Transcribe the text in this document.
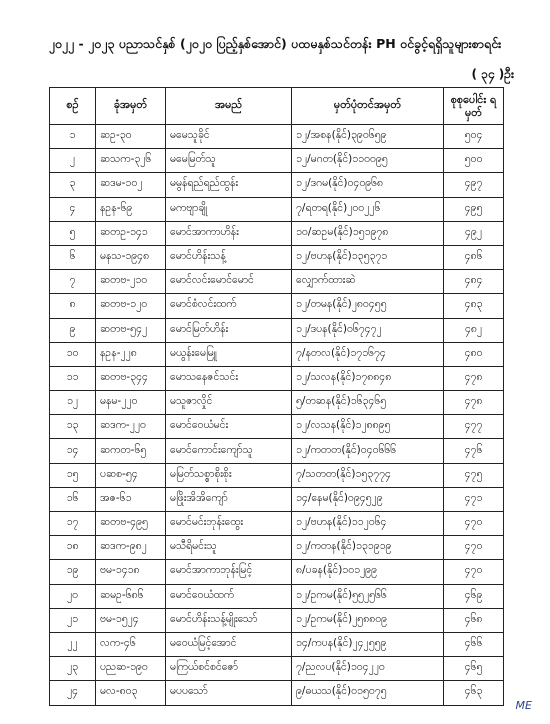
၂၀၂၂ - ၂၀၂၃ ပညာသင်နှစ် (၂၀၂၀ ပြည့်နှစ်အောင်) ပထမနှစ်သင်တန်း PH ဝင်ခွင့်ရရှိသူများစာရင်း
( ၃၄ )ဦး
စဉ်	ခုံအမှတ်	အမည်	မှတ်ပုံတင်အမှတ်	စုစုပေါင်း ရမှတ်
၁	ဆဥ-၃၀	မမေသူခိုင်	၁၂/အစန(နိုင်)၃၉၀၆၅၉	၅၀၄
၂	ဆသက-၃၂၆	မမေမြတ်သူ	၁၂/မဂတ(နိုင်)၁၁၀၀၉၅	၅၀၀
၃	ဆဒမ-၁၀၂	မမွန်ရည်ရည်ထွန်း	၁၂/ဒဂမ(နိုင်)၀၄၀၉၆၈	၄၉၇
၄	နဥန-၆၉	မကဗျာချို	၇/ရတရ(နိုင်)၂၀၀၂၂၆	၄၉၅
၅	ဆတဥ-၁၄၁	မောင်အာကာဟိန်း	၁၀/ဆဥမ(နိုင်)၁၅၁၉၇၈	၄၉၂
၆	မနသ-၁၉၄၈	မောင်ဟိန်းသန့်	၁၂/ဗဟန(နိုင်)၁၃၅၃၇၁	၄၈၆
၇	ဆတဗ-၂၁၀	မောင်လင်းမောင်မောင်	လျှောက်ထားဆဲ	၄၈၄
၈	ဆတဗ-၁၂၀	မောင်စံလင်းထက်	၁၂/တမန(နိုင်)၂၈၀၄၅၅	၄၈၃
၉	ဆတဗ-၅၄၂	မောင်မြတ်ဟိန်း	၁၂/ဒပန(နိုင်)၀၆၇၄၇၂	၄၈၂
၁၀	နဥန-၂၂၈	မယွန်းမေမြူ	၇/နတလ(နိုင်)၁၇၁၆၇၄	၄၈၀
၁၁	ဆတဗ-၃၄၄	မောသနေဇင်သင်း	၁၂/သလန(နိုင်)၁၇၈၈၄၈	၄၇၈
၁၂	မနမ-၂၂၀	မသူဇာလှိုင်	၅/တဆန(နိုင်)၁၆၃၄၆၅	၄၇၈
၁၃	ဆဒက-၂၂၀	မောင်ဝေယံမင်း	၁၂/လသန(နိုင်)၁၂၈၈၉၅	၄၇၇
၁၄	ဆကတ-၆၅	မောင်ကောင်းကျော်သူ	၁၂/ကတတ(နိုင်)၀၄၀၆၆၆	၄၇၆
၁၅	ပဆစ-၅၄	မမြတ်သစ္စာစိုးစိုး	၇/သတတ(နိုင်)၁၅၃၇၇၄	၄၇၅
၁၆	အဇ-၆၁	မဖြိုးအိအိကျော်	၁၄/နေမ(နိုင်)၀၉၄၅၂၉	၄၇၁
၁၇	ဆတဗ-၄၉၅	မောင်မင်းဘုန်းထွေး	၁၂/ဗဟန(နိုင်)၁၁၂၀၆၄	၄၇၀
၁၈	ဆဒက-၉၈၂	မသီရိမင်းသူ	၁၂/ကတန(နိုင်)၁၃၁၉၁၉	၄၇၀
၁၉	ဗမ-၁၄၁၈	မောင်အာကာဘုန်းမြင့်	၈/ပခန(နိုင်)၁၀၁၂၉၉	၄၇၀
၂၀	ဆမဥ-၆၈၆	မောင်ဝေယံထက်	၁၂/ဥကမ(နိုင်)၅၅၂၅၆၆	၄၆၉
၂၁	ဗမ-၁၅၂၄	မောင်ဟိန်းသန့်မျိုးသော်	၁၂/ဥကမ(နိုင်)၂၅၈၈၀၉	၄၆၈
၂၂	လက-၄၆	မဝေယံမြင့်အောင်	၁၄/ကပန(နိုင်)၂၄၂၅၅၉	၄၆၆
၂၃	ပညဆ-၁၉၀	မကြယ်စင်စင်ဇော်	၇/ညလပ(နိုင်)၁၀၄၂၂၀	၄၆၅
၂၄	မလ-၈၀၃	မပပသော်	၉/ဓယသ(နိုင်)၀၁၅၀၇၅	၄၆၃
ME
